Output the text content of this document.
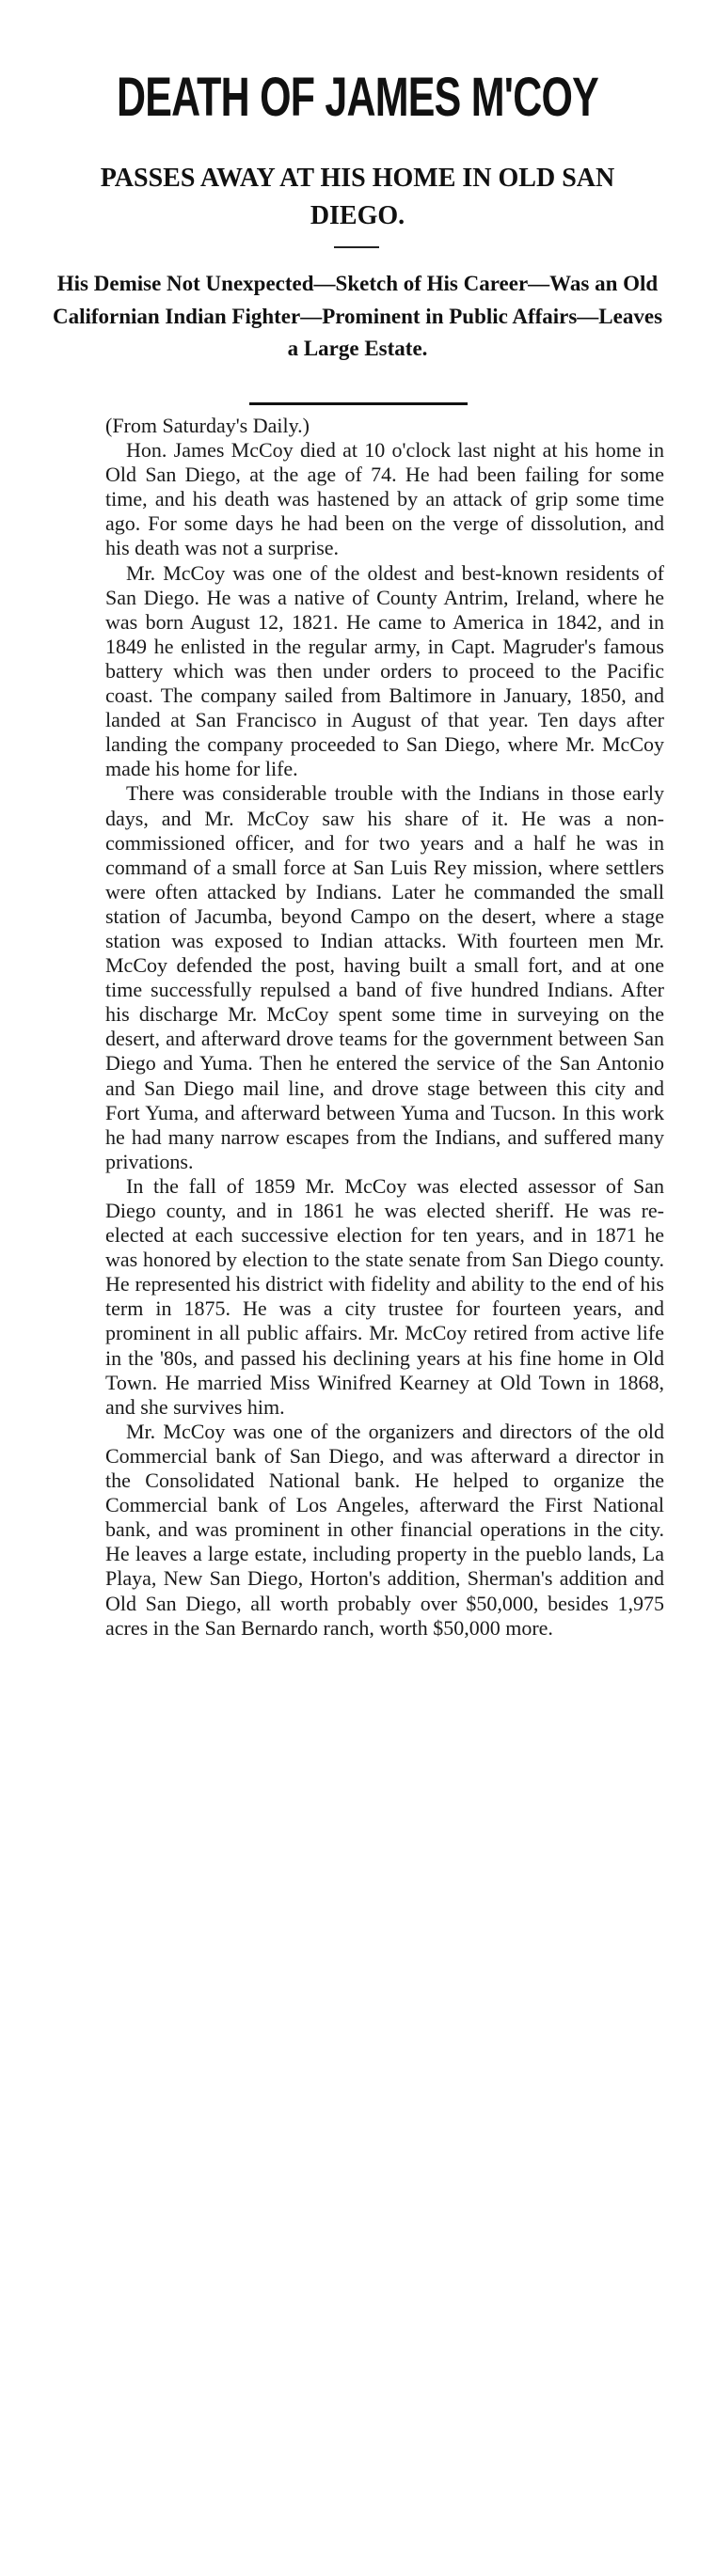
DEATH OF JAMES M'COY
PASSES AWAY AT HIS HOME IN OLD SAN DIEGO.
His Demise Not Unexpected—Sketch of His Career—Was an Old Californian Indian Fighter—Prominent in Public Affairs—Leaves a Large Estate.

(From Saturday's Daily.)

Hon. James McCoy died at 10 o'clock last night at his home in Old San Diego, at the age of 74. He had been failing for some time, and his death was hastened by an attack of grip some time ago. For some days he had been on the verge of dissolution, and his death was not a surprise.

Mr. McCoy was one of the oldest and best-known residents of San Diego. He was a native of County Antrim, Ireland, where he was born August 12, 1821. He came to America in 1842, and in 1849 he enlisted in the regular army, in Capt. Magruder's famous battery which was then under orders to proceed to the Pacific coast. The company sailed from Baltimore in January, 1850, and landed at San Francisco in August of that year. Ten days after landing the company proceeded to San Diego, where Mr. McCoy made his home for life.

There was considerable trouble with the Indians in those early days, and Mr. McCoy saw his share of it. He was a non-commissioned officer, and for two years and a half he was in command of a small force at San Luis Rey mission, where settlers were often attacked by Indians. Later he commanded the small station of Jacumba, beyond Campo on the desert, where a stage station was exposed to Indian attacks. With fourteen men Mr. McCoy defended the post, having built a small fort, and at one time successfully repulsed a band of five hundred Indians. After his discharge Mr. McCoy spent some time in surveying on the desert, and afterward drove teams for the government between San Diego and Yuma. Then he entered the service of the San Antonio and San Diego mail line, and drove stage between this city and Fort Yuma, and afterward between Yuma and Tucson. In this work he had many narrow escapes from the Indians, and suffered many privations.

In the fall of 1859 Mr. McCoy was elected assessor of San Diego county, and in 1861 he was elected sheriff. He was re-elected at each successive election for ten years, and in 1871 he was honored by election to the state senate from San Diego county. He represented his district with fidelity and ability to the end of his term in 1875. He was a city trustee for fourteen years, and prominent in all public affairs. Mr. McCoy retired from active life in the '80s, and passed his declining years at his fine home in Old Town. He married Miss Winifred Kearney at Old Town in 1868, and she survives him.

Mr. McCoy was one of the organizers and directors of the old Commercial bank of San Diego, and was afterward a director in the Consolidated National bank. He helped to organize the Commercial bank of Los Angeles, afterward the First National bank, and was prominent in other financial operations in the city. He leaves a large estate, including property in the pueblo lands, La Playa, New San Diego, Horton's addition, Sherman's addition and Old San Diego, all worth probably over $50,000, besides 1,975 acres in the San Bernardo ranch, worth $50,000 more.
